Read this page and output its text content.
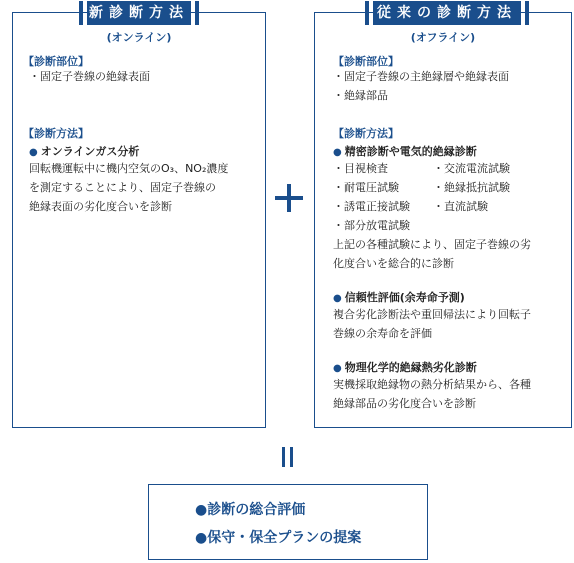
新診断方法
(オンライン)
【診断部位】
・固定子巻線の絶縁表面
【診断方法】
● オンラインガス分析
回転機運転中に機内空気のO₃、NO₂濃度
を測定することにより、固定子巻線の
絶縁表面の劣化度合いを診断
従来の診断方法
(オフライン)
【診断部位】
・固定子巻線の主絶縁層や絶縁表面
・絶縁部品
【診断方法】
● 精密診断や電気的絶縁診断
・目視検査	・交流電流試験
・耐電圧試験	・絶縁抵抗試験
・誘電正接試験 ・直流試験
・部分放電試験
上記の各種試験により、固定子巻線の劣
化度合いを総合的に診断
● 信頼性評価(余寿命予測)
複合劣化診断法や重回帰法により回転子
巻線の余寿命を評価
● 物理化学的絶縁熱劣化診断
実機採取絶縁物の熱分析結果から、各種
絶縁部品の劣化度合いを診断
●診断の総合評価
●保守・保全プランの提案
